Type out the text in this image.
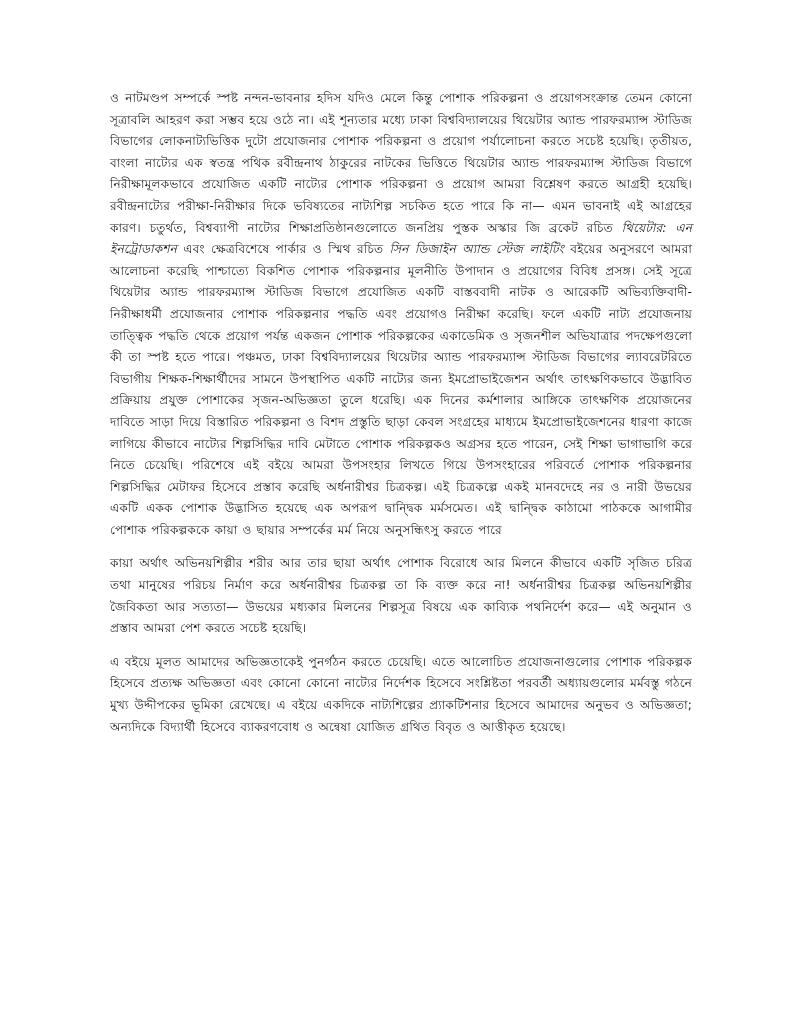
ও নাটমণ্ডপ সম্পর্কে স্পষ্ট নন্দন-ভাবনার হদিস যদিও মেলে কিন্তু পোশাক পরিকল্পনা ও প্রয়োগসংক্রান্ত তেমন কোনো সূত্রাবলি আহরণ করা সম্ভব হয়ে ওঠে না। এই শূন্যতার মধ্যে ঢাকা বিশ্ববিদ্যালয়ের থিয়েটার অ্যান্ড পারফরম্যান্স স্টাডিজ বিভাগের লোকনাট্যভিত্তিক দুটো প্রযোজনার পোশাক পরিকল্পনা ও প্রয়োগ পর্যালোচনা করতে সচেষ্ট হয়েছি। তৃতীয়ত, বাংলা নাট্যের এক স্বতন্ত্র পথিক রবীন্দ্রনাথ ঠাকুরের নাটকের ভিত্তিতে থিয়েটার অ্যান্ড পারফরম্যান্স স্টাডিজ বিভাগে নিরীক্ষামূলকভাবে প্রযোজিত একটি নাট্যের পোশাক পরিকল্পনা ও প্রয়োগ আমরা বিশ্লেষণ করতে আগ্রহী হয়েছি। রবীন্দ্রনাট্যের পরীক্ষা-নিরীক্ষার দিকে ভবিষ্যতের নাট্যশিল্প সচকিত হতে পারে কি না— এমন ভাবনাই এই আগ্রহের কারণ। চতুর্থত, বিশ্বব্যাপী নাট্যের শিক্ষাপ্রতিষ্ঠানগুলোতে জনপ্রিয় পুস্তক অস্কার জি ব্রকেট রচিত থিয়েটার: এন ইনট্রোডাকশন এবং ক্ষেত্রবিশেষে পার্কার ও স্মিথ রচিত সিন ডিজাইন অ্যান্ড স্টেজ লাইটিং বইয়ের অনুসরণে আমরা আলোচনা করেছি পাশ্চাত্যে বিকশিত পোশাক পরিকল্পনার মূলনীতি উপাদান ও প্রয়োগের বিবিধ প্রসঙ্গ। সেই সূত্রে থিয়েটার অ্যান্ড পারফরম্যান্স স্টাডিজ বিভাগে প্রযোজিত একটি বাস্তববাদী নাটক ও আরেকটি অভিব্যক্তিবাদী-নিরীক্ষাধর্মী প্রযোজনার পোশাক পরিকল্পনার পদ্ধতি এবং প্রয়োগও নিরীক্ষা করেছি। ফলে একটি নাট্য প্রযোজনায় তাত্ত্বিক পদ্ধতি থেকে প্রয়োগ পর্যন্ত একজন পোশাক পরিকল্পকের একাডেমিক ও সৃজনশীল অভিযাত্রার পদক্ষেপগুলো কী তা স্পষ্ট হতে পারে। পঞ্চমত, ঢাকা বিশ্ববিদ্যালয়ের থিয়েটার অ্যান্ড পারফরম্যান্স স্টাডিজ বিভাগের ল্যাবরেটরিতে বিভাগীয় শিক্ষক-শিক্ষার্থীদের সামনে উপস্থাপিত একটি নাট্যের জন্য ইমপ্রোভাইজেশন অর্থাৎ তাৎক্ষণিকভাবে উদ্ভাবিত প্রক্রিয়ায় প্রযুক্ত পোশাকের সৃজন-অভিজ্ঞতা তুলে ধরেছি। এক দিনের কর্মশালার আঙ্গিকে তাৎক্ষণিক প্রয়োজনের দাবিতে সাড়া দিয়ে বিস্তারিত পরিকল্পনা ও বিশদ প্রস্তুতি ছাড়া কেবল সংগ্রহের মাধ্যমে ইমপ্রোভাইজেশনের ধারণা কাজে লাগিয়ে কীভাবে নাট্যের শিল্পসিদ্ধির দাবি মেটাতে পোশাক পরিকল্পকও অগ্রসর হতে পারেন, সেই শিক্ষা ভাগাভাগি করে নিতে চেয়েছি। পরিশেষে এই বইয়ে আমরা উপসংহার লিখতে গিয়ে উপসংহারের পরিবর্তে পোশাক পরিকল্পনার শিল্পসিদ্ধির মেটাফর হিসেবে প্রস্তাব করেছি অর্ধনারীশ্বর চিত্রকল্প। এই চিত্রকল্পে একই মানবদেহে নর ও নারী উভয়ের একটি একক পোশাক উদ্ভাসিত হয়েছে এক অপরূপ দ্বান্দ্বিক মর্মসমেত। এই দ্বান্দ্বিক কাঠামো পাঠককে আগামীর পোশাক পরিকল্পককে কায়া ও ছায়ার সম্পর্কের মর্ম নিয়ে অনুসন্ধিৎসু করতে পারে

কায়া অর্থাৎ অভিনয়শিল্পীর শরীর আর তার ছায়া অর্থাৎ পোশাক বিরোধে আর মিলনে কীভাবে একটি সৃজিত চরিত্র তথা মানুষের পরিচয় নির্মাণ করে অর্ধনারীশ্বর চিত্রকল্প তা কি ব্যক্ত করে না! অর্ধনারীশ্বর চিত্রকল্প অভিনয়শিল্পীর জৈবিকতা আর সত্যতা— উভয়ের মধ্যকার মিলনের শিল্পসূত্র বিষয়ে এক কাব্যিক পথনির্দেশ করে— এই অনুমান ও প্রস্তাব আমরা পেশ করতে সচেষ্ট হয়েছি।

এ বইয়ে মূলত আমাদের অভিজ্ঞতাকেই পুনর্গঠন করতে চেয়েছি। এতে আলোচিত প্রযোজনাগুলোর পোশাক পরিকল্পক হিসেবে প্রত্যক্ষ অভিজ্ঞতা এবং কোনো কোনো নাট্যের নির্দেশক হিসেবে সংশ্লিষ্টতা পরবর্তী অধ্যায়গুলোর মর্মবস্তু গঠনে মুখ্য উদ্দীপকের ভূমিকা রেখেছে। এ বইয়ে একদিকে নাট্যশিল্পের প্র্যাকটিশনার হিসেবে আমাদের অনুভব ও অভিজ্ঞতা; অন্যদিকে বিদ্যার্থী হিসেবে ব্যাকরণবোধ ও অন্বেষা যোজিত গ্রথিত বিবৃত ও আত্তীকৃত হয়েছে।
